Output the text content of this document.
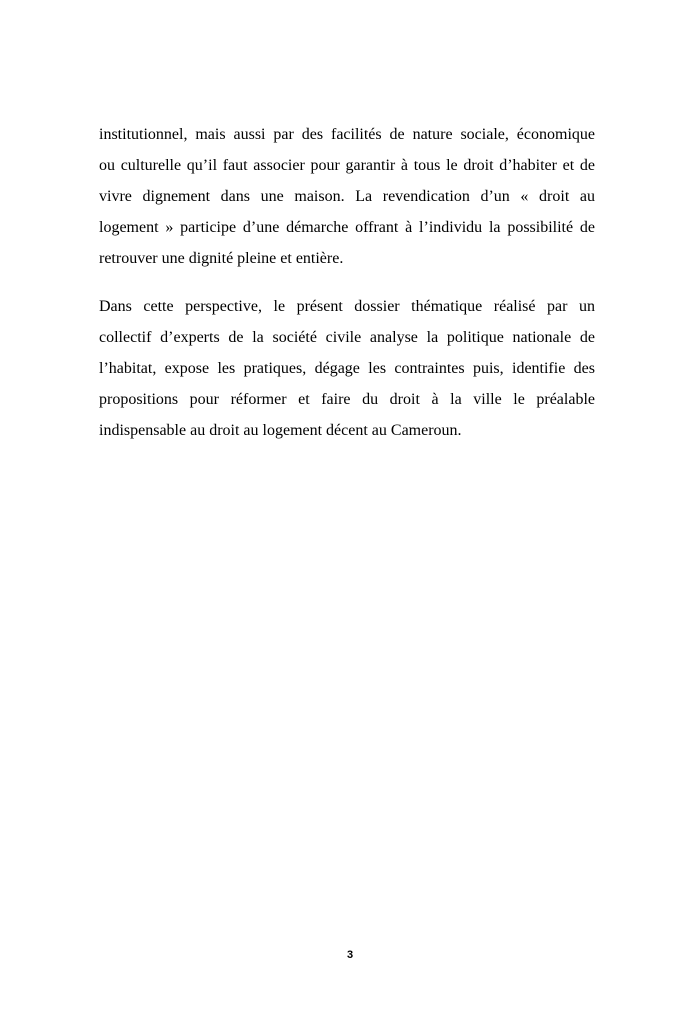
institutionnel, mais aussi par des facilités de nature sociale, économique
ou culturelle qu’il faut associer pour garantir à tous le droit d’habiter et de
vivre dignement dans une maison. La revendication d’un « droit au
logement » participe d’une démarche offrant à l’individu la possibilité de
retrouver une dignité pleine et entière.
Dans cette perspective, le présent dossier thématique réalisé par un
collectif d’experts de la société civile analyse la politique nationale de
l’habitat, expose les pratiques, dégage les contraintes puis, identifie des
propositions pour réformer et faire du droit à la ville le préalable
indispensable au droit au logement décent au Cameroun.
3
